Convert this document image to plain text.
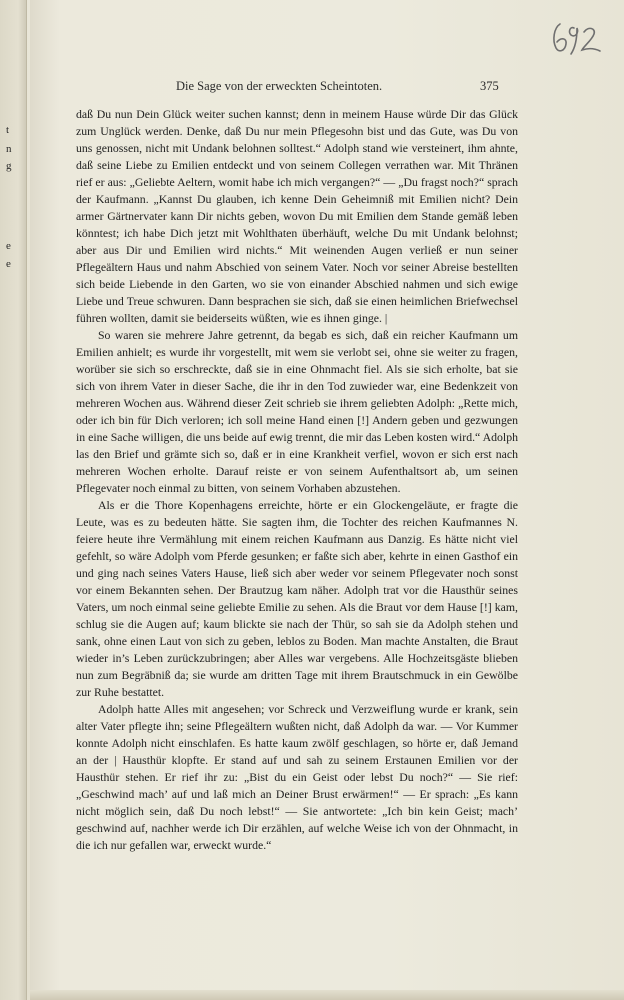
t
n
g
e
e
Die Sage von der erweckten Scheintoten.	375

daß Du nun Dein Glück weiter suchen kannst; denn in meinem Hause würde Dir das Glück zum Unglück werden. Denke, daß Du nur mein Pflegesohn bist und das Gute, was Du von uns genossen, nicht mit Undank belohnen solltest.“ Adolph stand wie versteinert, ihm ahnte, daß seine Liebe zu Emilien entdeckt und von seinem Collegen verrathen war. Mit Thränen rief er aus: „Geliebte Aeltern, womit habe ich mich vergangen?“ — „Du fragst noch?“ sprach der Kaufmann. „Kannst Du glauben, ich kenne Dein Geheimniß mit Emilien nicht? Dein armer Gärtnervater kann Dir nichts geben, wovon Du mit Emilien dem Stande gemäß leben könntest; ich habe Dich jetzt mit Wohlthaten überhäuft, welche Du mit Undank belohnst; aber aus Dir und Emilien wird nichts.“ Mit weinenden Augen verließ er nun seiner Pflegeältern Haus und nahm Abschied von seinem Vater. Noch vor seiner Abreise bestellten sich beide Liebende in den Garten, wo sie von einander Abschied nahmen und sich ewige Liebe und Treue schwuren. Dann besprachen sie sich, daß sie einen heimlichen Briefwechsel führen wollten, damit sie beiderseits wüßten, wie es ihnen ginge. |

So waren sie mehrere Jahre getrennt, da begab es sich, daß ein reicher Kaufmann um Emilien anhielt; es wurde ihr vorgestellt, mit wem sie verlobt sei, ohne sie weiter zu fragen, worüber sie sich so erschreckte, daß sie in eine Ohnmacht fiel. Als sie sich erholte, bat sie sich von ihrem Vater in dieser Sache, die ihr in den Tod zuwieder war, eine Bedenkzeit von mehreren Wochen aus. Während dieser Zeit schrieb sie ihrem geliebten Adolph: „Rette mich, oder ich bin für Dich verloren; ich soll meine Hand einen [!] Andern geben und gezwungen in eine Sache willigen, die uns beide auf ewig trennt, die mir das Leben kosten wird.“ Adolph las den Brief und grämte sich so, daß er in eine Krankheit verfiel, wovon er sich erst nach mehreren Wochen erholte. Darauf reiste er von seinem Aufenthaltsort ab, um seinen Pflegevater noch einmal zu bitten, von seinem Vorhaben abzustehen.

Als er die Thore Kopenhagens erreichte, hörte er ein Glockengeläute, er fragte die Leute, was es zu bedeuten hätte. Sie sagten ihm, die Tochter des reichen Kaufmannes N. feiere heute ihre Vermählung mit einem reichen Kaufmann aus Danzig. Es hätte nicht viel gefehlt, so wäre Adolph vom Pferde gesunken; er faßte sich aber, kehrte in einen Gasthof ein und ging nach seines Vaters Hause, ließ sich aber weder vor seinem Pflegevater noch sonst vor einem Bekannten sehen. Der Brautzug kam näher. Adolph trat vor die Hausthür seines Vaters, um noch einmal seine geliebte Emilie zu sehen. Als die Braut vor dem Hause [!] kam, schlug sie die Augen auf; kaum blickte sie nach der Thür, so sah sie da Adolph stehen und sank, ohne einen Laut von sich zu geben, leblos zu Boden. Man machte Anstalten, die Braut wieder in’s Leben zurückzubringen; aber Alles war vergebens. Alle Hochzeitsgäste blieben nun zum Begräbniß da; sie wurde am dritten Tage mit ihrem Brautschmuck in ein Gewölbe zur Ruhe bestattet.

Adolph hatte Alles mit angesehen; vor Schreck und Verzweiflung wurde er krank, sein alter Vater pflegte ihn; seine Pflegeältern wußten nicht, daß Adolph da war. — Vor Kummer konnte Adolph nicht einschlafen. Es hatte kaum zwölf geschlagen, so hörte er, daß Jemand an der | Hausthür klopfte. Er stand auf und sah zu seinem Erstaunen Emilien vor der Hausthür stehen. Er rief ihr zu: „Bist du ein Geist oder lebst Du noch?“ — Sie rief: „Geschwind mach’ auf und laß mich an Deiner Brust erwärmen!“ — Er sprach: „Es kann nicht möglich sein, daß Du noch lebst!“ — Sie antwortete: „Ich bin kein Geist; mach’ geschwind auf, nachher werde ich Dir erzählen, auf welche Weise ich von der Ohnmacht, in die ich nur gefallen war, erweckt wurde.“
